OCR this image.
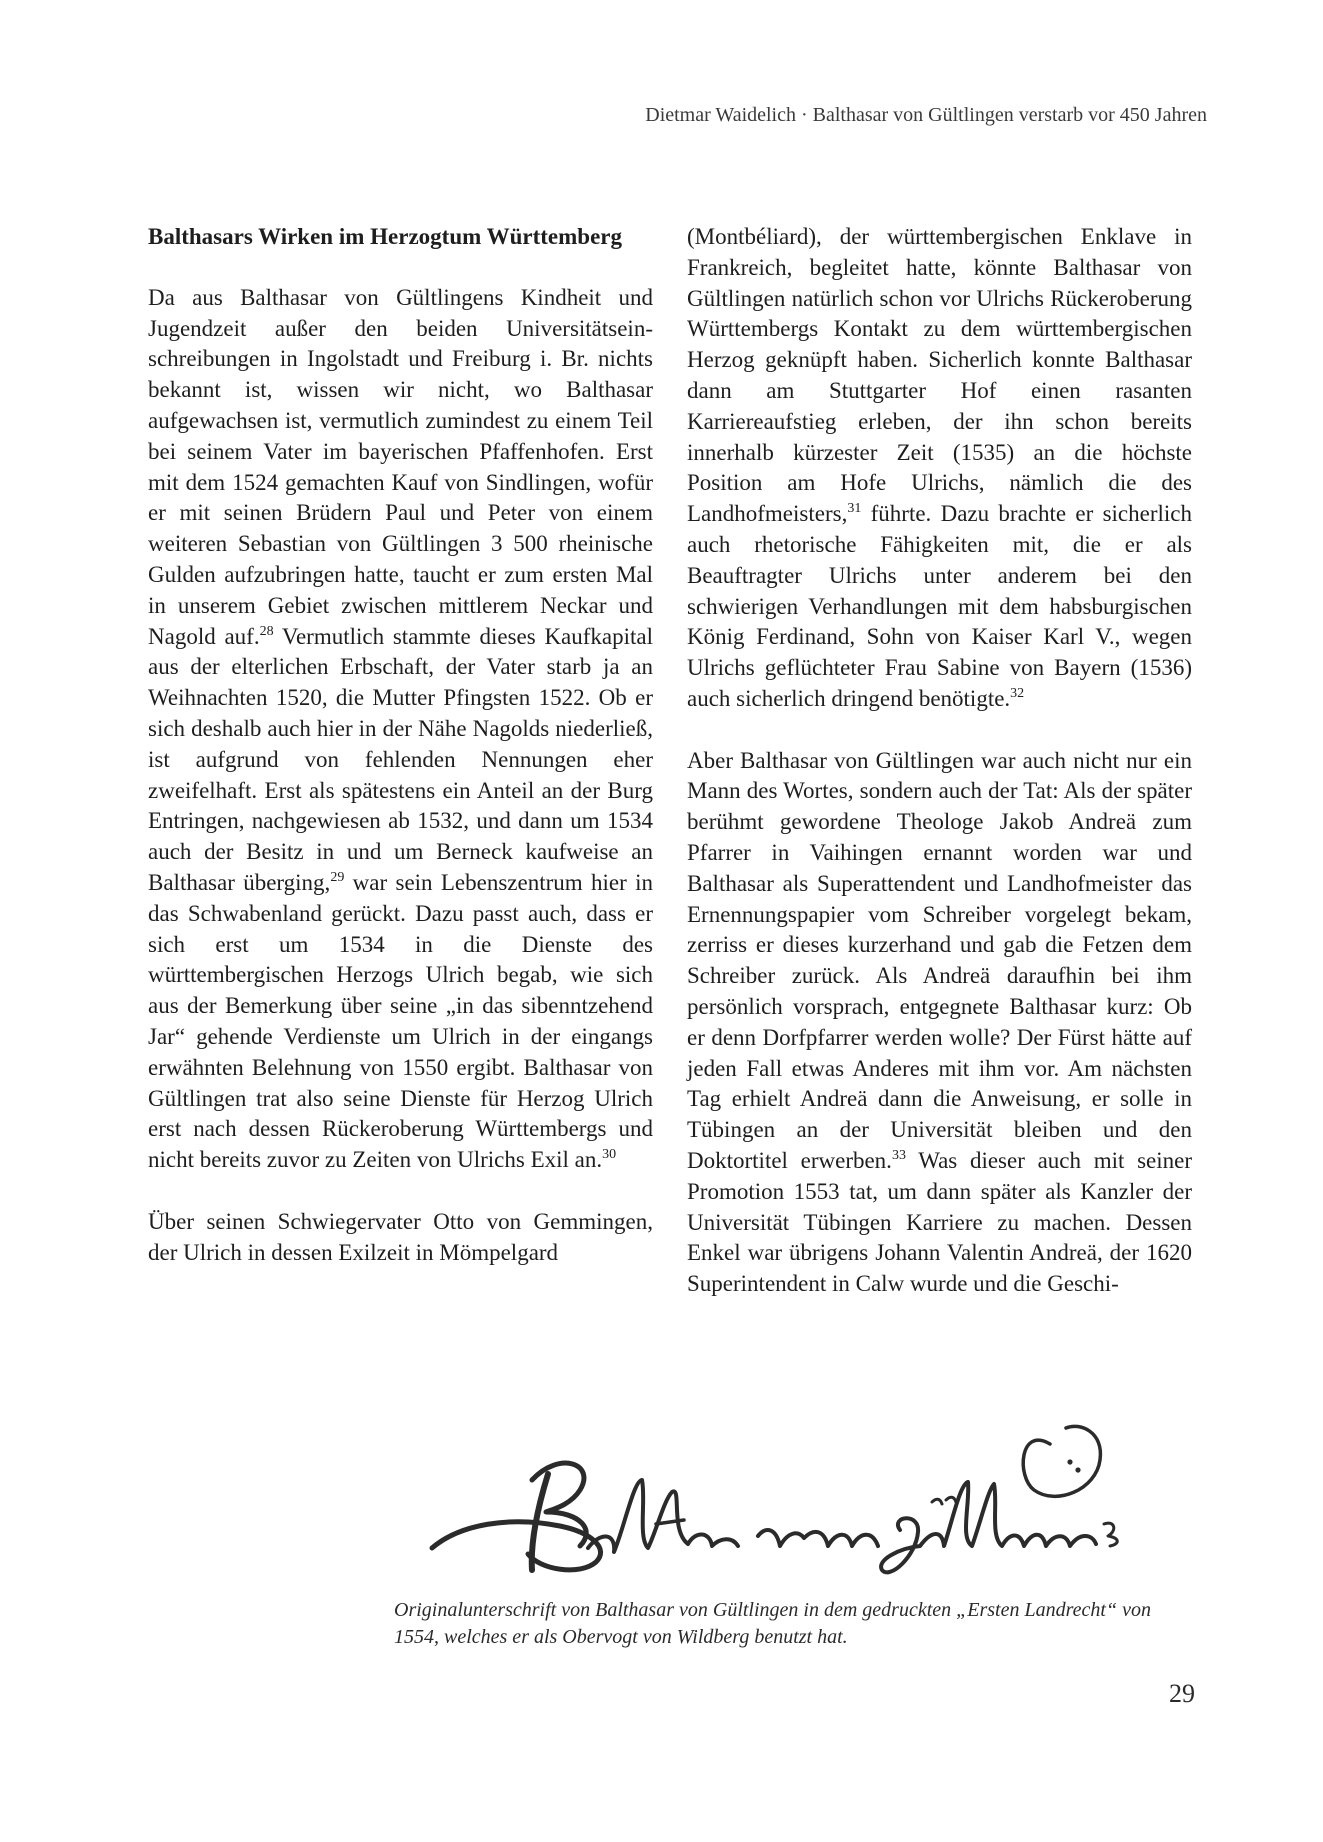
Dietmar Waidelich · Balthasar von Gültlingen verstarb vor 450 Jahren
Balthasars Wirken im Herzogtum Württemberg

Da aus Balthasar von Gültlingens Kindheit und Jugendzeit außer den beiden Universitätseinschreibungen in Ingolstadt und Freiburg i. Br. nichts bekannt ist, wissen wir nicht, wo Balthasar aufgewachsen ist, vermutlich zumindest zu einem Teil bei seinem Vater im bayerischen Pfaffenhofen. Erst mit dem 1524 gemachten Kauf von Sindlingen, wofür er mit seinen Brüdern Paul und Peter von einem weiteren Sebastian von Gültlingen 3 500 rheinische Gulden aufzubringen hatte, taucht er zum ersten Mal in unserem Gebiet zwischen mittlerem Neckar und Nagold auf.$^{28}$ Vermutlich stammte dieses Kaufkapital aus der elterlichen Erbschaft, der Vater starb ja an Weihnachten 1520, die Mutter Pfingsten 1522. Ob er sich deshalb auch hier in der Nähe Nagolds niederließ, ist aufgrund von fehlenden Nennungen eher zweifelhaft. Erst als spätestens ein Anteil an der Burg Entringen, nachgewiesen ab 1532, und dann um 1534 auch der Besitz in und um Berneck kaufweise an Balthasar überging,$^{29}$ war sein Lebenszentrum hier in das Schwabenland gerückt. Dazu passt auch, dass er sich erst um 1534 in die Dienste des württembergischen Herzogs Ulrich begab, wie sich aus der Bemerkung über seine „in das sibenntzehend Jar“ gehende Verdienste um Ulrich in der eingangs erwähnten Belehnung von 1550 ergibt. Balthasar von Gültlingen trat also seine Dienste für Herzog Ulrich erst nach dessen Rückeroberung Württembergs und nicht bereits zuvor zu Zeiten von Ulrichs Exil an.$^{30}$

Über seinen Schwiegervater Otto von Gemmingen, der Ulrich in dessen Exilzeit in Mömpelgard

(Montbéliard), der württembergischen Enklave in Frankreich, begleitet hatte, könnte Balthasar von Gültlingen natürlich schon vor Ulrichs Rückeroberung Württembergs Kontakt zu dem württembergischen Herzog geknüpft haben. Sicherlich konnte Balthasar dann am Stuttgarter Hof einen rasanten Karriereaufstieg erleben, der ihn schon bereits innerhalb kürzester Zeit (1535) an die höchste Position am Hofe Ulrichs, nämlich die des Landhofmeisters,$^{31}$ führte. Dazu brachte er sicherlich auch rhetorische Fähigkeiten mit, die er als Beauftragter Ulrichs unter anderem bei den schwierigen Verhandlungen mit dem habsburgischen König Ferdinand, Sohn von Kaiser Karl V., wegen Ulrichs geflüchteter Frau Sabine von Bayern (1536) auch sicherlich dringend benötigte.$^{32}$

Aber Balthasar von Gültlingen war auch nicht nur ein Mann des Wortes, sondern auch der Tat: Als der später berühmt gewordene Theologe Jakob Andreä zum Pfarrer in Vaihingen ernannt worden war und Balthasar als Superattendent und Landhofmeister das Ernennungspapier vom Schreiber vorgelegt bekam, zerriss er dieses kurzerhand und gab die Fetzen dem Schreiber zurück. Als Andreä daraufhin bei ihm persönlich vorsprach, entgegnete Balthasar kurz: Ob er denn Dorfpfarrer werden wolle? Der Fürst hätte auf jeden Fall etwas Anderes mit ihm vor. Am nächsten Tag erhielt Andreä dann die Anweisung, er solle in Tübingen an der Universität bleiben und den Doktortitel erwerben.$^{33}$ Was dieser auch mit seiner Promotion 1553 tat, um dann später als Kanzler der Universität Tübingen Karriere zu machen. Dessen Enkel war übrigens Johann Valentin Andreä, der 1620 Superintendent in Calw wurde und die Geschi-

Originalunterschrift von Balthasar von Gültlingen in dem gedruckten „Ersten Landrecht“ von 1554, welches er als Obervogt von Wildberg benutzt hat.
29
